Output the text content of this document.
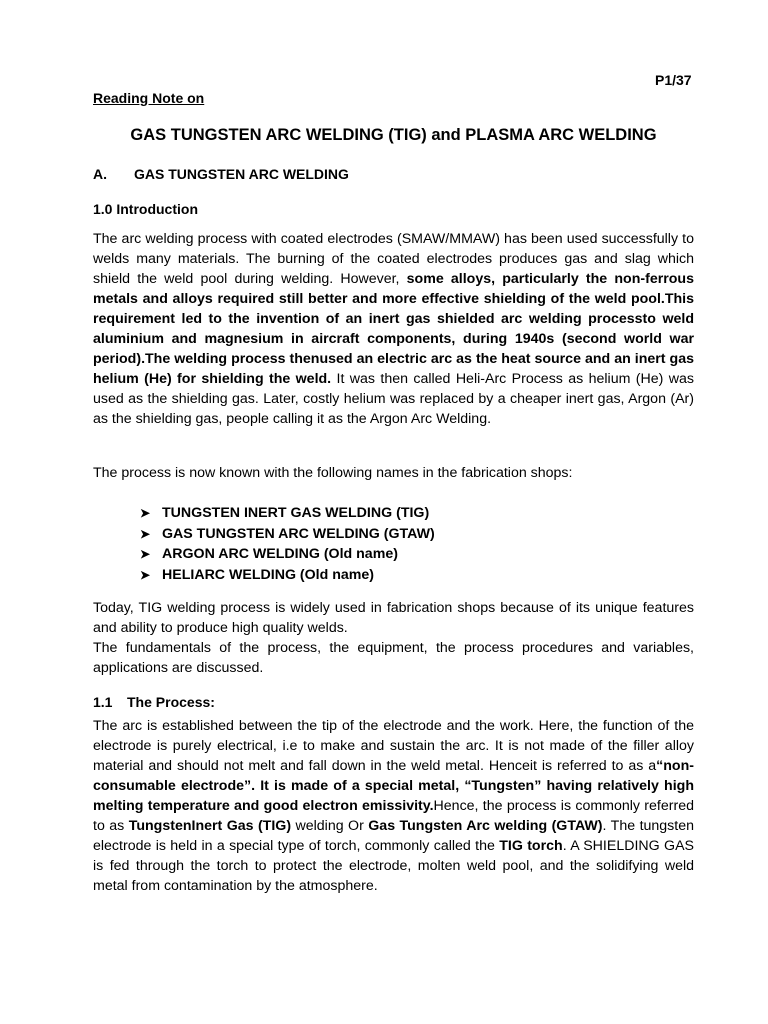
P1/37
Reading Note on
GAS TUNGSTEN ARC WELDING (TIG) and PLASMA ARC WELDING
A. GAS TUNGSTEN ARC WELDING
1.0 Introduction

The arc welding process with coated electrodes (SMAW/MMAW) has been used successfully to welds many materials. The burning of the coated electrodes produces gas and slag which shield the weld pool during welding. However, some alloys, particularly the non-ferrous metals and alloys required still better and more effective shielding of the weld pool.This requirement led to the invention of an inert gas shielded arc welding processto weld aluminium and magnesium in aircraft components, during 1940s (second world war period).The welding process thenused an electric arc as the heat source and an inert gas helium (He) for shielding the weld. It was then called Heli-Arc Process as helium (He) was used as the shielding gas. Later, costly helium was replaced by a cheaper inert gas, Argon (Ar) as the shielding gas, people calling it as the Argon Arc Welding.

The process is now known with the following names in the fabrication shops:

➤ TUNGSTEN INERT GAS WELDING (TIG)
➤ GAS TUNGSTEN ARC WELDING (GTAW)
➤ ARGON ARC WELDING (Old name)
➤ HELIARC WELDING (Old name)
Today, TIG welding process is widely used in fabrication shops because of its unique features and ability to produce high quality welds.
The fundamentals of the process, the equipment, the process procedures and variables, applications are discussed.
1.1 The Process:

The arc is established between the tip of the electrode and the work. Here, the function of the electrode is purely electrical, i.e to make and sustain the arc. It is not made of the filler alloy material and should not melt and fall down in the weld metal. Henceit is referred to as a“non-consumable electrode”. It is made of a special metal, “Tungsten” having relatively high melting temperature and good electron emissivity.Hence, the process is commonly referred to as TungstenInert Gas (TIG) welding Or Gas Tungsten Arc welding (GTAW). The tungsten electrode is held in a special type of torch, commonly called the TIG torch. A SHIELDING GAS is fed through the torch to protect the electrode, molten weld pool, and the solidifying weld metal from contamination by the atmosphere.
